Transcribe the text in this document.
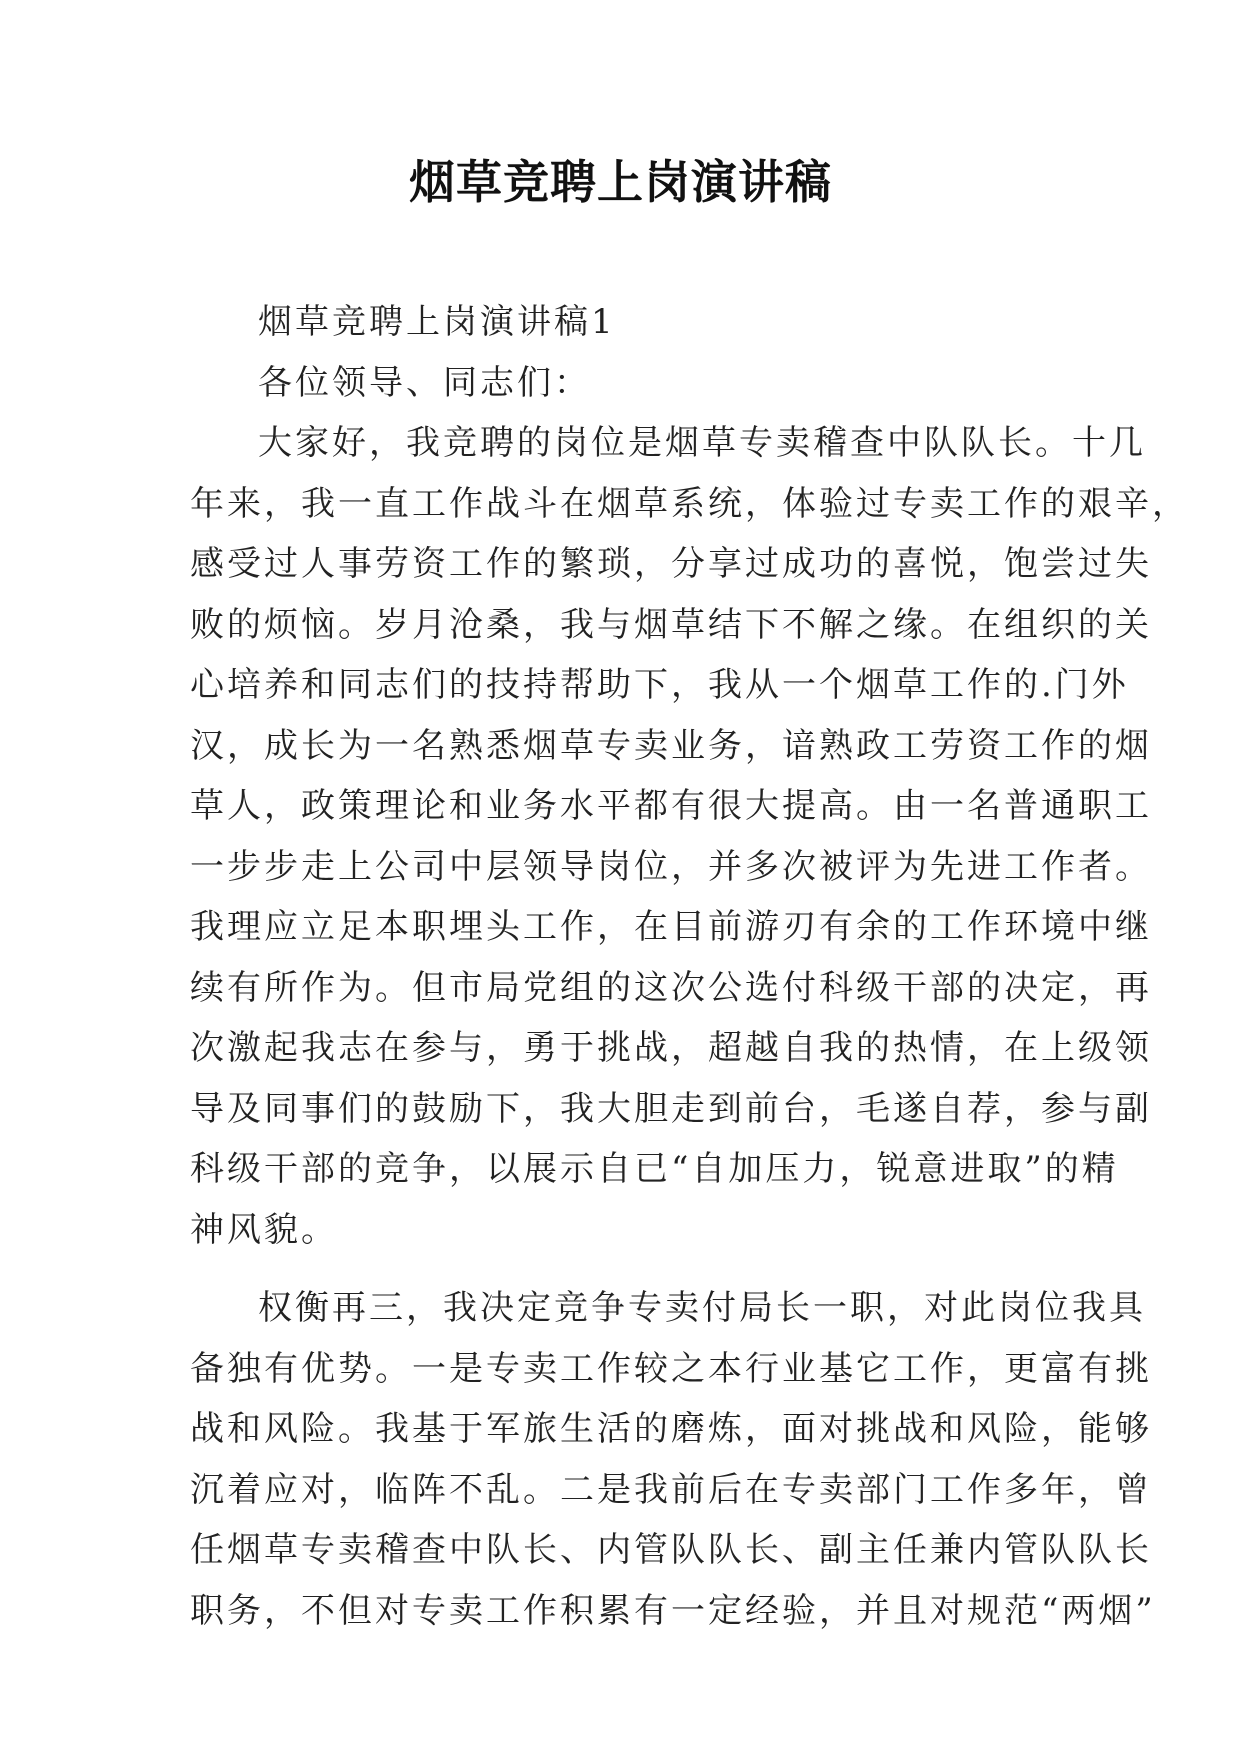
烟草竞聘上岗演讲稿
烟草竞聘上岗演讲稿1
各位领导、同志们：
大家好，我竞聘的岗位是烟草专卖稽查中队队长。十几
年来，我一直工作战斗在烟草系统，体验过专卖工作的艰辛，
感受过人事劳资工作的繁琐，分享过成功的喜悦，饱尝过失
败的烦恼。岁月沧桑，我与烟草结下不解之缘。在组织的关
心培养和同志们的技持帮助下，我从一个烟草工作的.门外
汉，成长为一名熟悉烟草专卖业务，谙熟政工劳资工作的烟
草人，政策理论和业务水平都有很大提高。由一名普通职工
一步步走上公司中层领导岗位，并多次被评为先进工作者。
我理应立足本职埋头工作，在目前游刃有余的工作环境中继
续有所作为。但市局党组的这次公选付科级干部的决定，再
次激起我志在参与，勇于挑战，超越自我的热情，在上级领
导及同事们的鼓励下，我大胆走到前台，毛遂自荐，参与副
科级干部的竞争，以展示自已“自加压力，锐意进取”的精
神风貌。
权衡再三，我决定竞争专卖付局长一职，对此岗位我具
备独有优势。一是专卖工作较之本行业基它工作，更富有挑
战和风险。我基于军旅生活的磨炼，面对挑战和风险，能够
沉着应对，临阵不乱。二是我前后在专卖部门工作多年，曾
任烟草专卖稽查中队长、内管队队长、副主任兼内管队队长
职务，不但对专卖工作积累有一定经验，并且对规范“两烟”
